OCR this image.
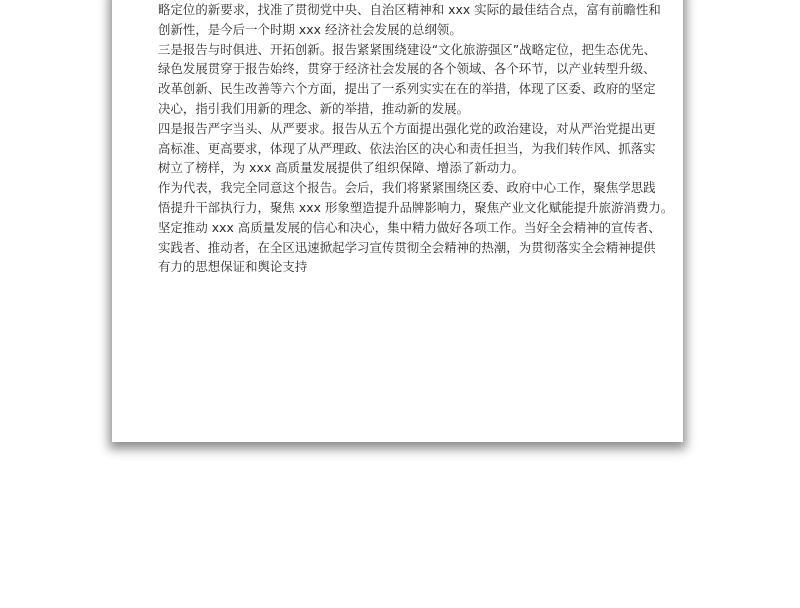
略定位的新要求，找准了贯彻党中央、自治区精神和 xxx 实际的最佳结合点，富有前瞻性和
创新性，是今后一个时期 xxx 经济社会发展的总纲领。
三是报告与时俱进、开拓创新。报告紧紧围绕建设“文化旅游强区”战略定位，把生态优先、
绿色发展贯穿于报告始终，贯穿于经济社会发展的各个领域、各个环节，以产业转型升级、
改革创新、民生改善等六个方面，提出了一系列实实在在的举措，体现了区委、政府的坚定
决心，指引我们用新的理念、新的举措，推动新的发展。
四是报告严字当头、从严要求。报告从五个方面提出强化党的政治建设，对从严治党提出更
高标准、更高要求，体现了从严理政、依法治区的决心和责任担当，为我们转作风、抓落实
树立了榜样，为 xxx 高质量发展提供了组织保障、增添了新动力。
作为代表，我完全同意这个报告。会后，我们将紧紧围绕区委、政府中心工作，聚焦学思践
悟提升干部执行力，聚焦 xxx 形象塑造提升品牌影响力，聚焦产业文化赋能提升旅游消费力。
坚定推动 xxx 高质量发展的信心和决心，集中精力做好各项工作。当好全会精神的宣传者、
实践者、推动者，在全区迅速掀起学习宣传贯彻全会精神的热潮，为贯彻落实全会精神提供
有力的思想保证和舆论支持
